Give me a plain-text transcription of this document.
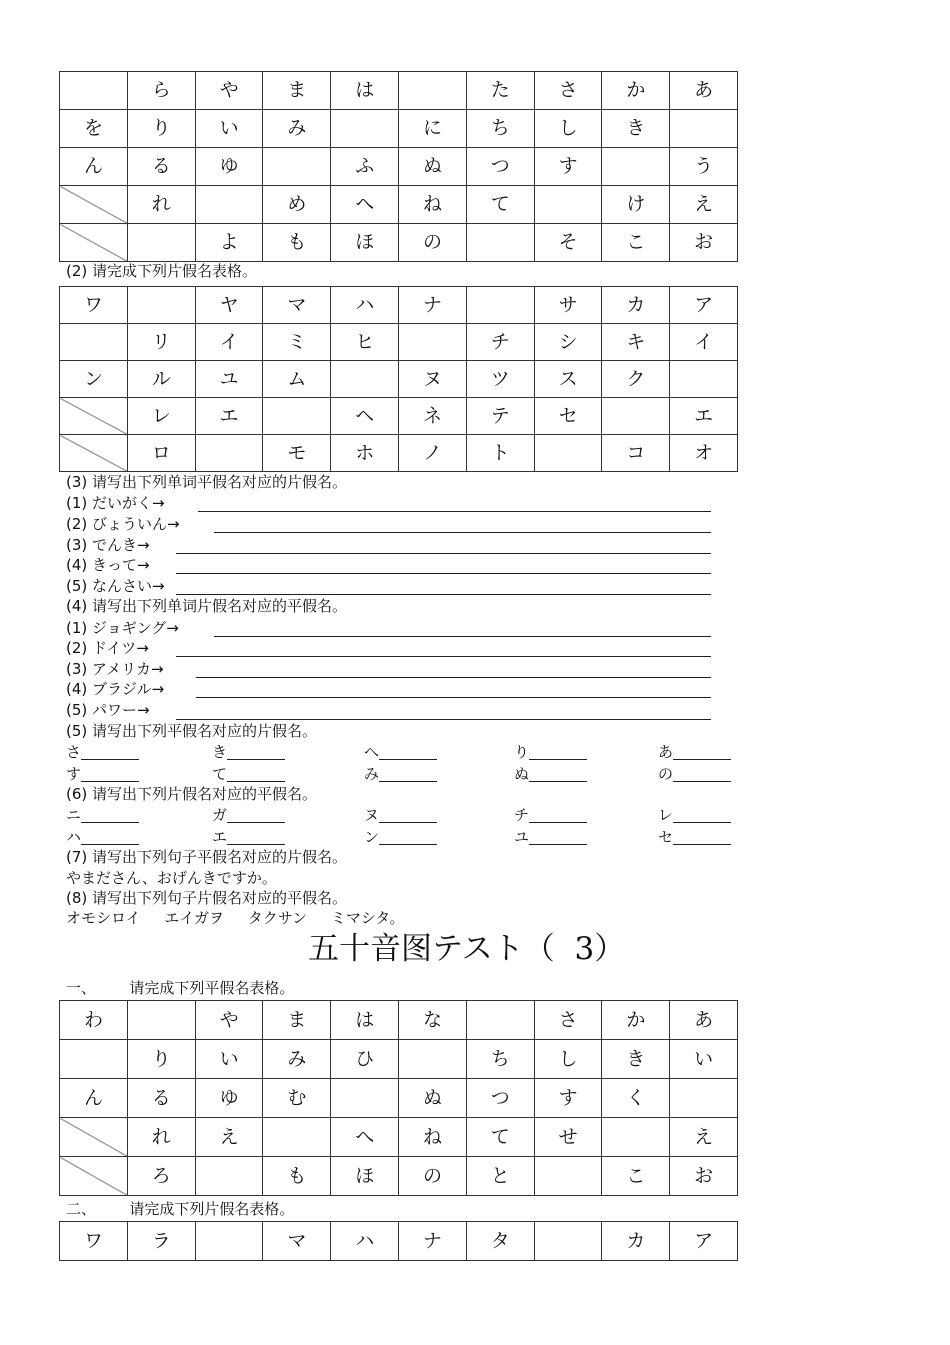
	ら	や	ま	は		た	さ	か	あ
を	り	い	み		に	ち	し	き	
ん	る	ゆ		ふ	ぬ	つ	す		う
	れ		め	へ	ね	て		け	え
		よ	も	ほ	の		そ	こ	お
(2) 请完成下列片假名表格。
ワ		ヤ	マ	ハ	ナ		サ	カ	ア
	リ	イ	ミ	ヒ		チ	シ	キ	イ
ン	ル	ユ	ム		ヌ	ツ	ス	ク	
	レ	エ		ヘ	ネ	テ	セ		エ
	ロ		モ	ホ	ノ	ト		コ	オ
(3) 请写出下列单词平假名对应的片假名。
(1) だいがく→
(2) びょういん→
(3) でんき→
(4) きって→
(5) なんさい→
(4) 请写出下列单词片假名对应的平假名。
(1) ジョギング→
(2) ドイツ→
(3) アメリカ→
(4) ブラジル→
(5) パワー→
(5) 请写出下列平假名对应的片假名。
さ	き	へ	り	あ
す	て	み	ぬ	の
(6) 请写出下列片假名对应的平假名。
ニ	ガ	ヌ	チ	レ
ハ	エ	ン	ユ	セ
(7) 请写出下列句子平假名对应的片假名。
やまださん、おげんきですか。
(8) 请写出下列句子片假名对应的平假名。
オモシロイ     エイガヲ     タクサン     ミマシタ。
五十音图テスト（  3）
一、       请完成下列平假名表格。
わ		や	ま	は	な		さ	か	あ
	り	い	み	ひ		ち	し	き	い
ん	る	ゆ	む		ぬ	つ	す	く	
	れ	え		へ	ね	て	せ		え
	ろ		も	ほ	の	と		こ	お
二、       请完成下列片假名表格。
ワ	ラ		マ	ハ	ナ	タ		カ	ア
